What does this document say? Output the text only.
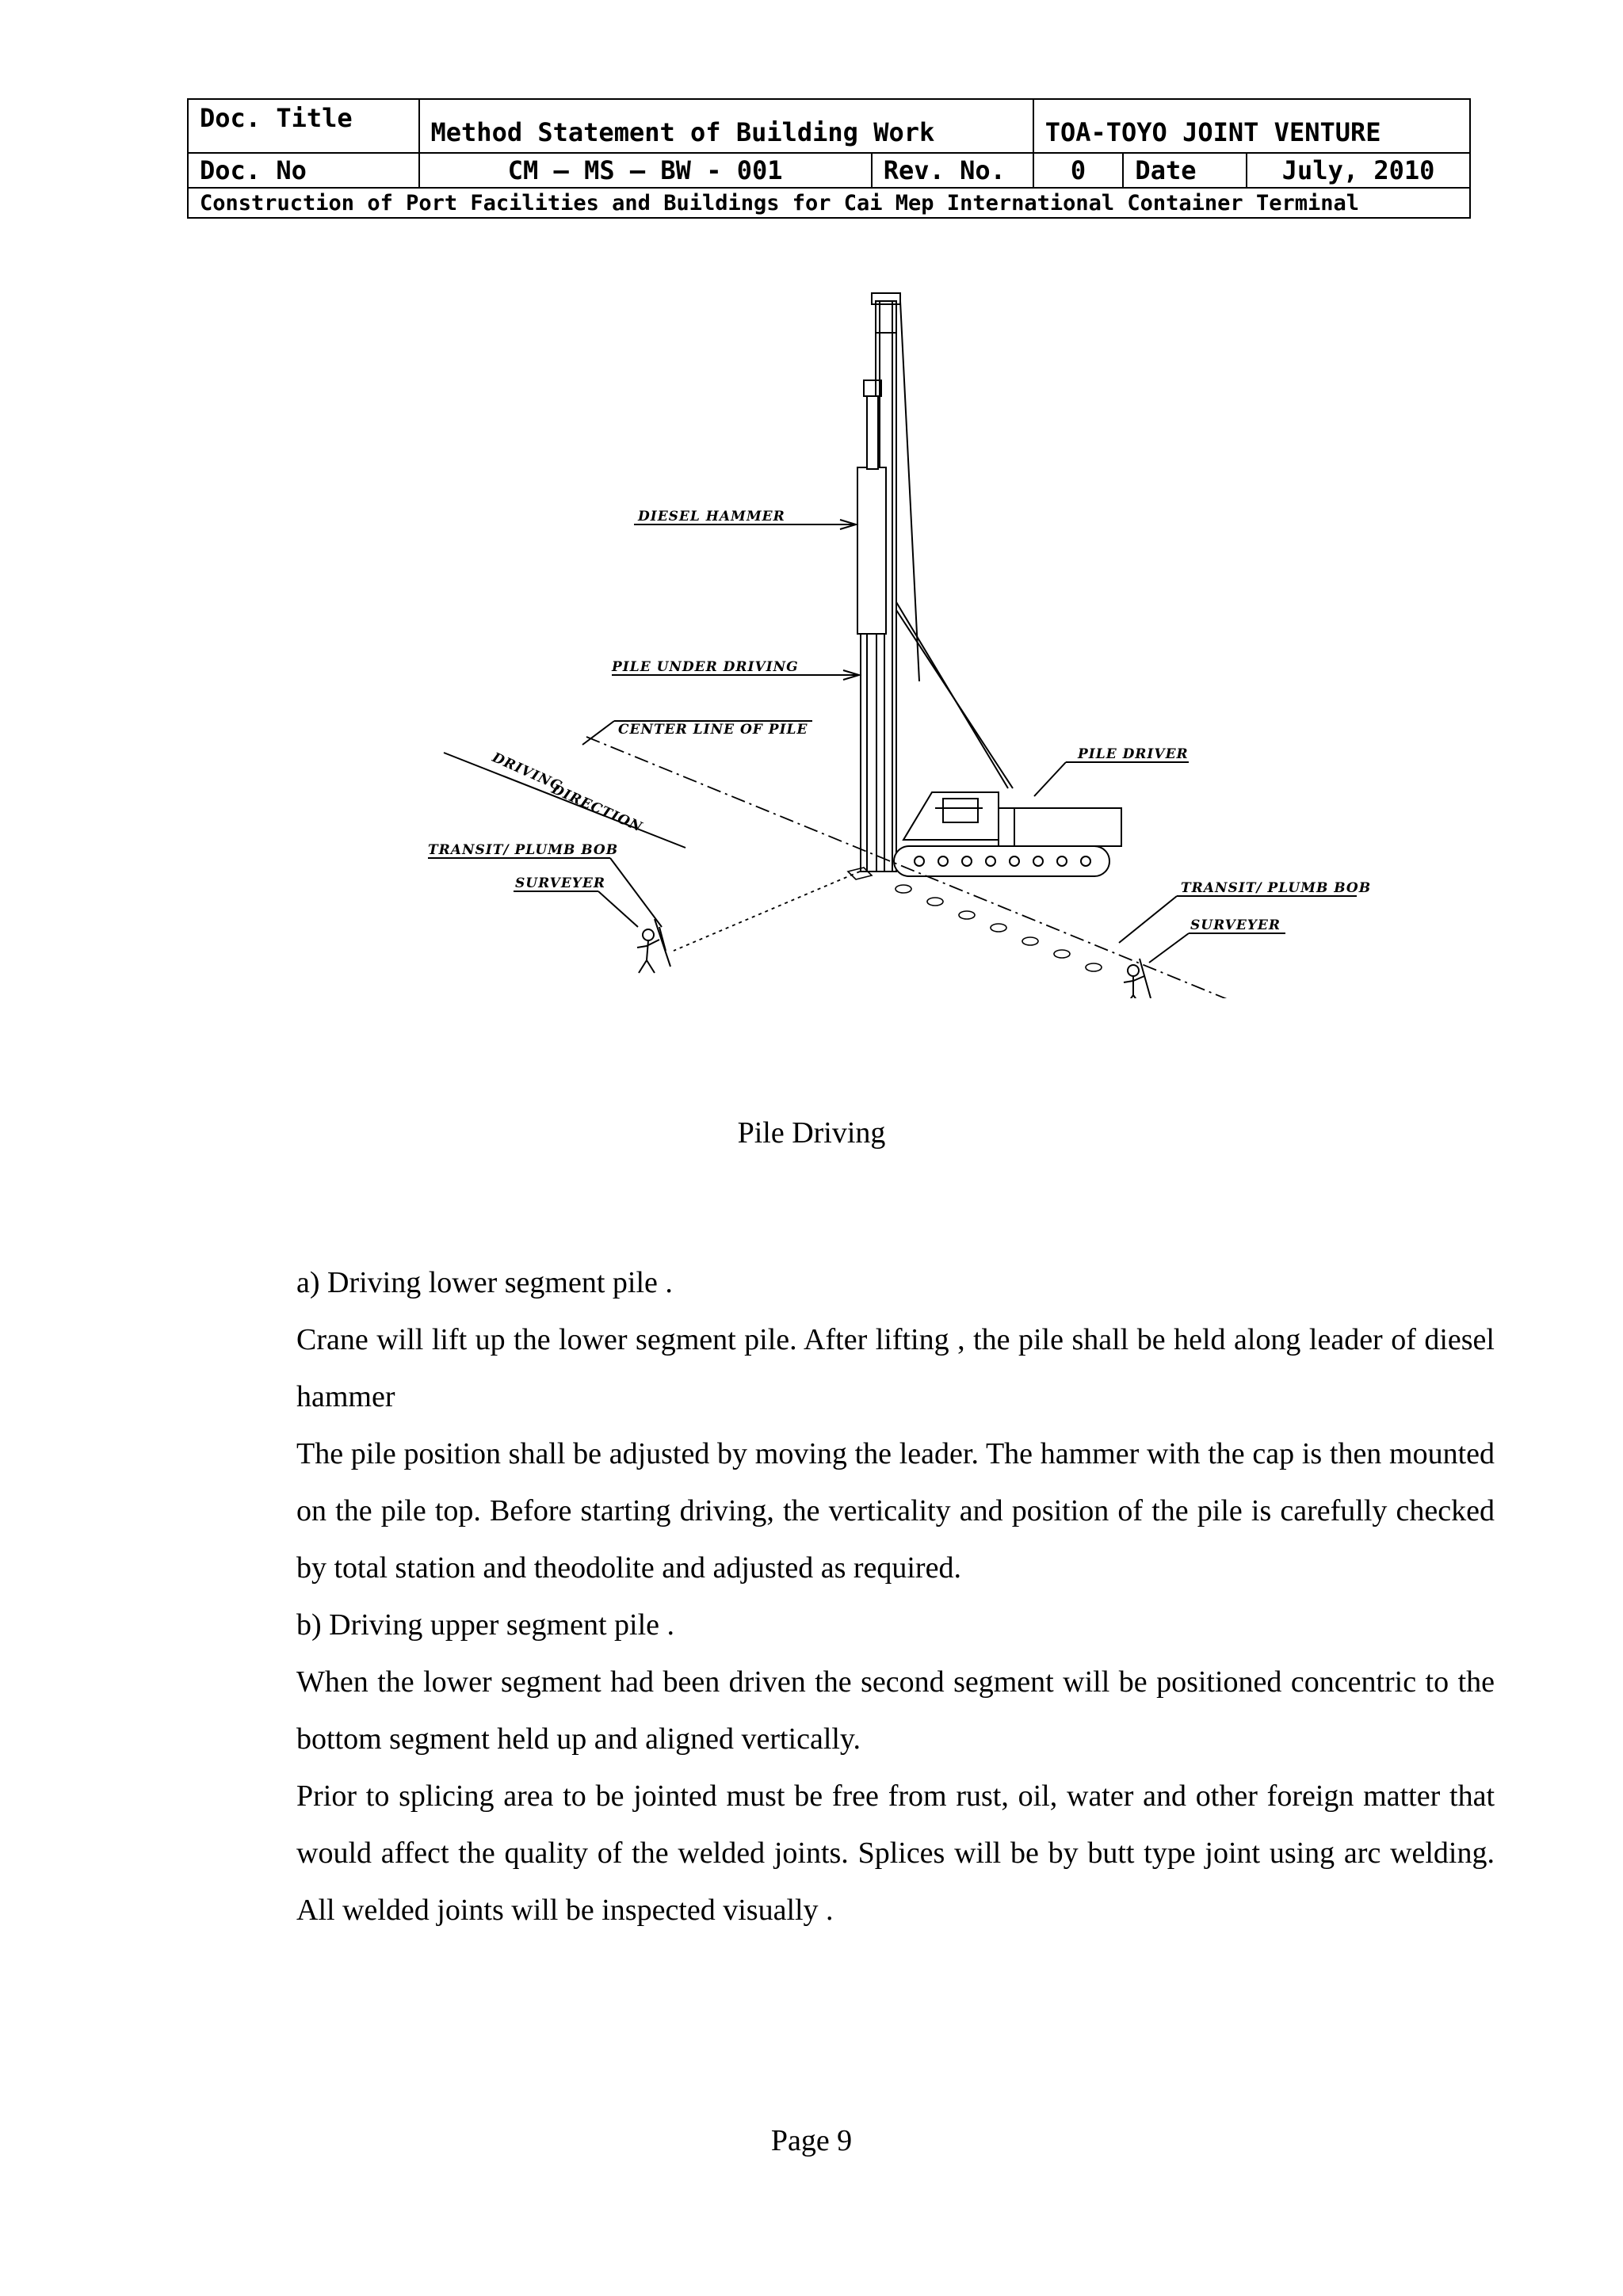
Doc. Title	Method Statement of Building Work		TOA-TOYO JOINT VENTURE		
Doc. No	CM – MS – BW - 001	Rev. No.	0	Date	July, 2010
Construction of Port Facilities and Buildings for Cai Mep International Container Terminal					
DIESEL HAMMER
PILE UNDER DRIVING
CENTER LINE OF PILE
PILE DRIVER
DRIVING
DIRECTION
TRANSIT/ PLUMB BOB
SURVEYER	TRANSIT/ PLUMB BOB
SURVEYER
Pile Driving

a) Driving lower segment pile .

Crane will lift up the lower segment pile. After lifting , the pile shall be held along leader of diesel hammer

The pile position shall be adjusted by moving the leader. The hammer with the cap is then mounted on the pile top. Before starting driving, the verticality and position of the pile is carefully checked by total station and theodolite and adjusted as required.

b) Driving upper segment pile .

When the lower segment had been driven the second segment will be positioned concentric to the bottom segment held up and aligned vertically.

Prior to splicing area to be jointed must be free from rust, oil, water and other foreign matter that would affect the quality of the welded joints. Splices will be by butt type joint using arc welding. All welded joints will be inspected visually .

Page 9
